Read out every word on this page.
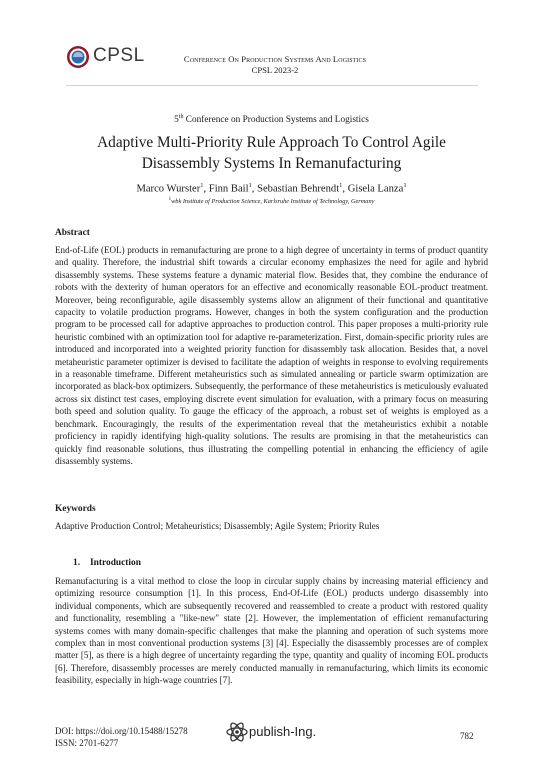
CPSL	Conference On Production Systems And Logistics
CPSL 2023-2
5th Conference on Production Systems and Logistics
Adaptive Multi-Priority Rule Approach To Control Agile
Disassembly Systems In Remanufacturing
Marco Wurster$^1$, Finn Bail$^1$, Sebastian Behrendt$^1$, Gisela Lanza$^1$
$^1$wbk Institute of Production Science, Karlsruhe Institute of Technology, Germany
Abstract
End-of-Life (EOL) products in remanufacturing are prone to a high degree of uncertainty in terms of product quantity and quality. Therefore, the industrial shift towards a circular economy emphasizes the need for agile and hybrid disassembly systems. These systems feature a dynamic material flow. Besides that, they combine the endurance of robots with the dexterity of human operators for an effective and economically reasonable EOL-product treatment. Moreover, being reconfigurable, agile disassembly systems allow an alignment of their functional and quantitative capacity to volatile production programs. However, changes in both the system configuration and the production program to be processed call for adaptive approaches to production control. This paper proposes a multi-priority rule heuristic combined with an optimization tool for adaptive re-parameterization. First, domain-specific priority rules are introduced and incorporated into a weighted priority function for disassembly task allocation. Besides that, a novel metaheuristic parameter optimizer is devised to facilitate the adaption of weights in response to evolving requirements in a reasonable timeframe. Different metaheuristics such as simulated annealing or particle swarm optimization are incorporated as black-box optimizers. Subsequently, the performance of these metaheuristics is meticulously evaluated across six distinct test cases, employing discrete event simulation for evaluation, with a primary focus on measuring both speed and solution quality. To gauge the efficacy of the approach, a robust set of weights is employed as a benchmark. Encouragingly, the results of the experimentation reveal that the metaheuristics exhibit a notable proficiency in rapidly identifying high-quality solutions. The results are promising in that the metaheuristics can quickly find reasonable solutions, thus illustrating the compelling potential in enhancing the efficiency of agile disassembly systems.
Keywords
Adaptive Production Control; Metaheuristics; Disassembly; Agile System; Priority Rules
1. Introduction
Remanufacturing is a vital method to close the loop in circular supply chains by increasing material efficiency and optimizing resource consumption [1]. In this process, End-Of-Life (EOL) products undergo disassembly into individual components, which are subsequently recovered and reassembled to create a product with restored quality and functionality, resembling a "like-new" state [2]. However, the implementation of efficient remanufacturing systems comes with many domain-specific challenges that make the planning and operation of such systems more complex than in most conventional production systems [3] [4]. Especially the disassembly processes are of complex matter [5], as there is a high degree of uncertainty regarding the type, quantity and quality of incoming EOL products [6]. Therefore, disassembly processes are merely conducted manually in remanufacturing, which limits its economic feasibility, especially in high-wage countries [7].
DOI: https://doi.org/10.15488/15278
ISSN: 2701-6277
publish-Ing.	782
